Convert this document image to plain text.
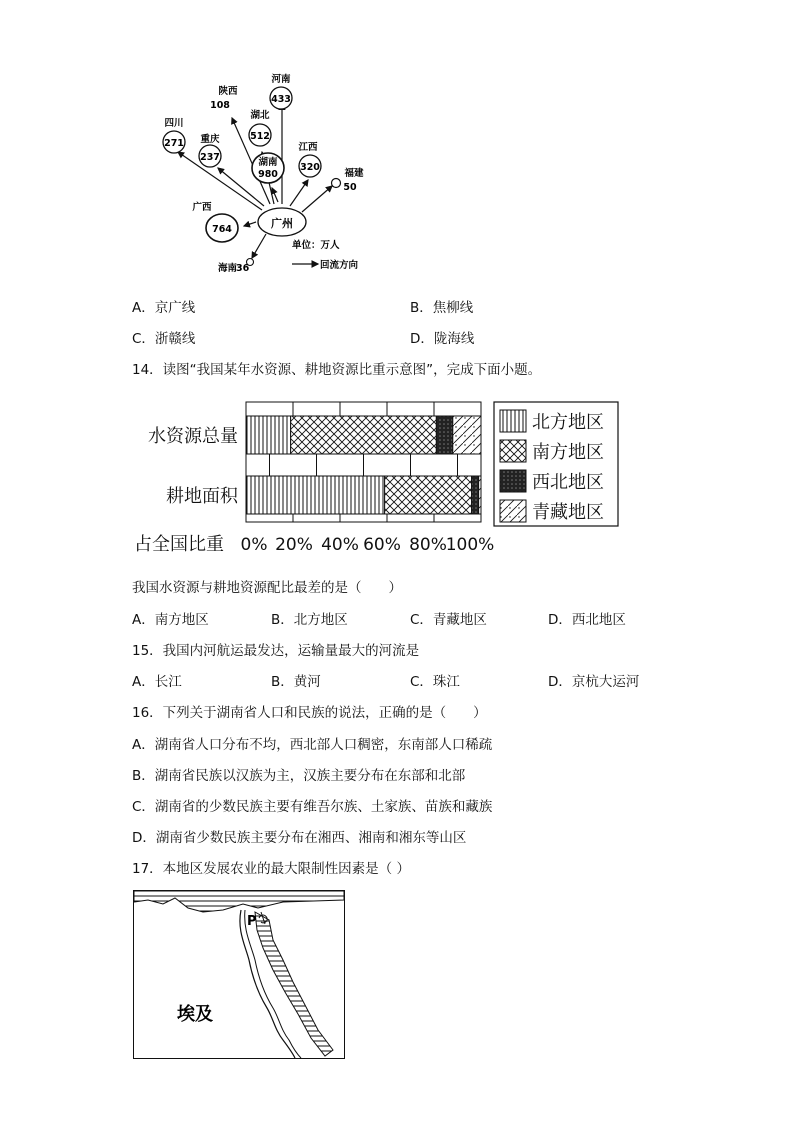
广州
四川
271 重庆
237
陕西
108
湖北
512
河南
433
湖南
980
江西
320
福建
50
广西
764
海南
36
单位：万人
回流方向
A．京广线	B．焦柳线
C．浙赣线	D．陇海线
14．读图“我国某年水资源、耕地资源比重示意图”，完成下面小题。
北方地区
南方地区
西北地区
青藏地区
水资源总量
耕地面积
占全国比重 0% 20% 40% 60% 80%
100%
我国水资源与耕地资源配比最差的是（　　）
A．南方地区	B．北方地区	C．青藏地区	D．西北地区
15．我国内河航运最发达，运输量最大的河流是
A．长江	B．黄河	C．珠江	D．京杭大运河
16．下列关于湖南省人口和民族的说法，正确的是（　　）
A．湖南省人口分布不均，西北部人口稠密，东南部人口稀疏
B．湖南省民族以汉族为主，汉族主要分布在东部和北部
C．湖南省的少数民族主要有维吾尔族、土家族、苗族和藏族
D．湖南省少数民族主要分布在湘西、湘南和湘东等山区
17．本地区发展农业的最大限制性因素是（ ）
P
埃及
